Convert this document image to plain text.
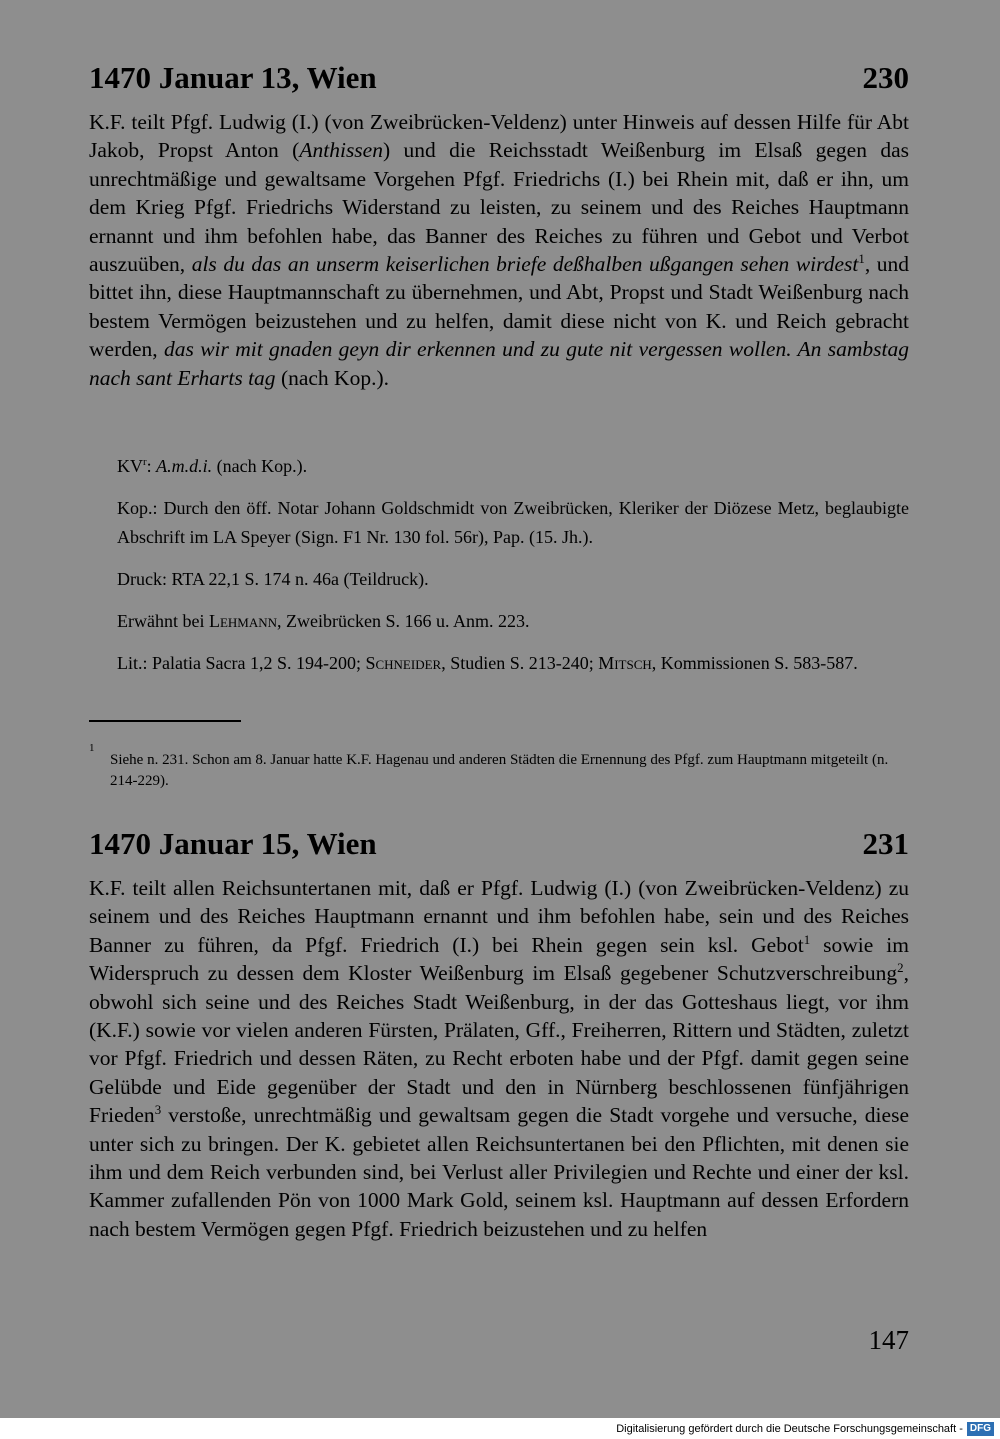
1470 Januar 13, Wien	230
K.F. teilt Pfgf. Ludwig (I.) (von Zweibrücken-Veldenz) unter Hinweis auf dessen Hilfe für Abt Jakob, Propst Anton (Anthissen) und die Reichsstadt Weißenburg im Elsaß gegen das unrechtmäßige und gewaltsame Vorgehen Pfgf. Friedrichs (I.) bei Rhein mit, daß er ihn, um dem Krieg Pfgf. Friedrichs Widerstand zu leisten, zu seinem und des Reiches Hauptmann ernannt und ihm befohlen habe, das Banner des Reiches zu führen und Gebot und Verbot auszuüben, als du das an unserm keiserlichen briefe deßhalben ußgangen sehen wirdest$^1$, und bittet ihn, diese Hauptmannschaft zu übernehmen, und Abt, Propst und Stadt Weißenburg nach bestem Vermögen beizustehen und zu helfen, damit diese nicht von K. und Reich gebracht werden, das wir mit gnaden geyn dir erkennen und zu gute nit vergessen wollen. An sambstag nach sant Erharts tag (nach Kop.).
$KV^r$: A.m.d.i. (nach Kop.).
Kop.: Durch den öff. Notar Johann Goldschmidt von Zweibrücken, Kleriker der Diözese Metz, beglaubigte Abschrift im LA Speyer (Sign. F1 Nr. 130 fol. 56r), Pap. (15. Jh.).
Druck: RTA 22,1 S. 174 n. 46a (Teildruck).
Erwähnt bei Lehmann, Zweibrücken S. 166 u. Anm. 223.
Lit.: Palatia Sacra 1,2 S. 194-200; Schneider, Studien S. 213-240; Mitsch, Kommissionen S. 583-587.
1
Siehe n. 231. Schon am 8. Januar hatte K.F. Hagenau und anderen Städten die Ernennung des Pfgf. zum Hauptmann mitgeteilt (n. 214-229).
1470 Januar 15, Wien	231
K.F. teilt allen Reichsuntertanen mit, daß er Pfgf. Ludwig (I.) (von Zweibrücken-Veldenz) zu seinem und des Reiches Hauptmann ernannt und ihm befohlen habe, sein und des Reiches Banner zu führen, da Pfgf. Friedrich (I.) bei Rhein gegen sein ksl. Gebot$^1$ sowie im Widerspruch zu dessen dem Kloster Weißenburg im Elsaß gegebener Schutzverschreibung$^2$, obwohl sich seine und des Reiches Stadt Weißenburg, in der das Gotteshaus liegt, vor ihm (K.F.) sowie vor vielen anderen Fürsten, Prälaten, Gff., Freiherren, Rittern und Städten, zuletzt vor Pfgf. Friedrich und dessen Räten, zu Recht erboten habe und der Pfgf. damit gegen seine Gelübde und Eide gegenüber der Stadt und den in Nürnberg beschlossenen fünfjährigen Frieden$^3$ verstoße, unrechtmäßig und gewaltsam gegen die Stadt vorgehe und versuche, diese unter sich zu bringen. Der K. gebietet allen Reichsuntertanen bei den Pflichten, mit denen sie ihm und dem Reich verbunden sind, bei Verlust aller Privilegien und Rechte und einer der ksl. Kammer zufallenden Pön von 1000 Mark Gold, seinem ksl. Hauptmann auf dessen Erfordern nach bestem Vermögen gegen Pfgf. Friedrich beizustehen und zu helfen
147
Digitalisierung gefördert durch die Deutsche Forschungsgemeinschaft - DFG
